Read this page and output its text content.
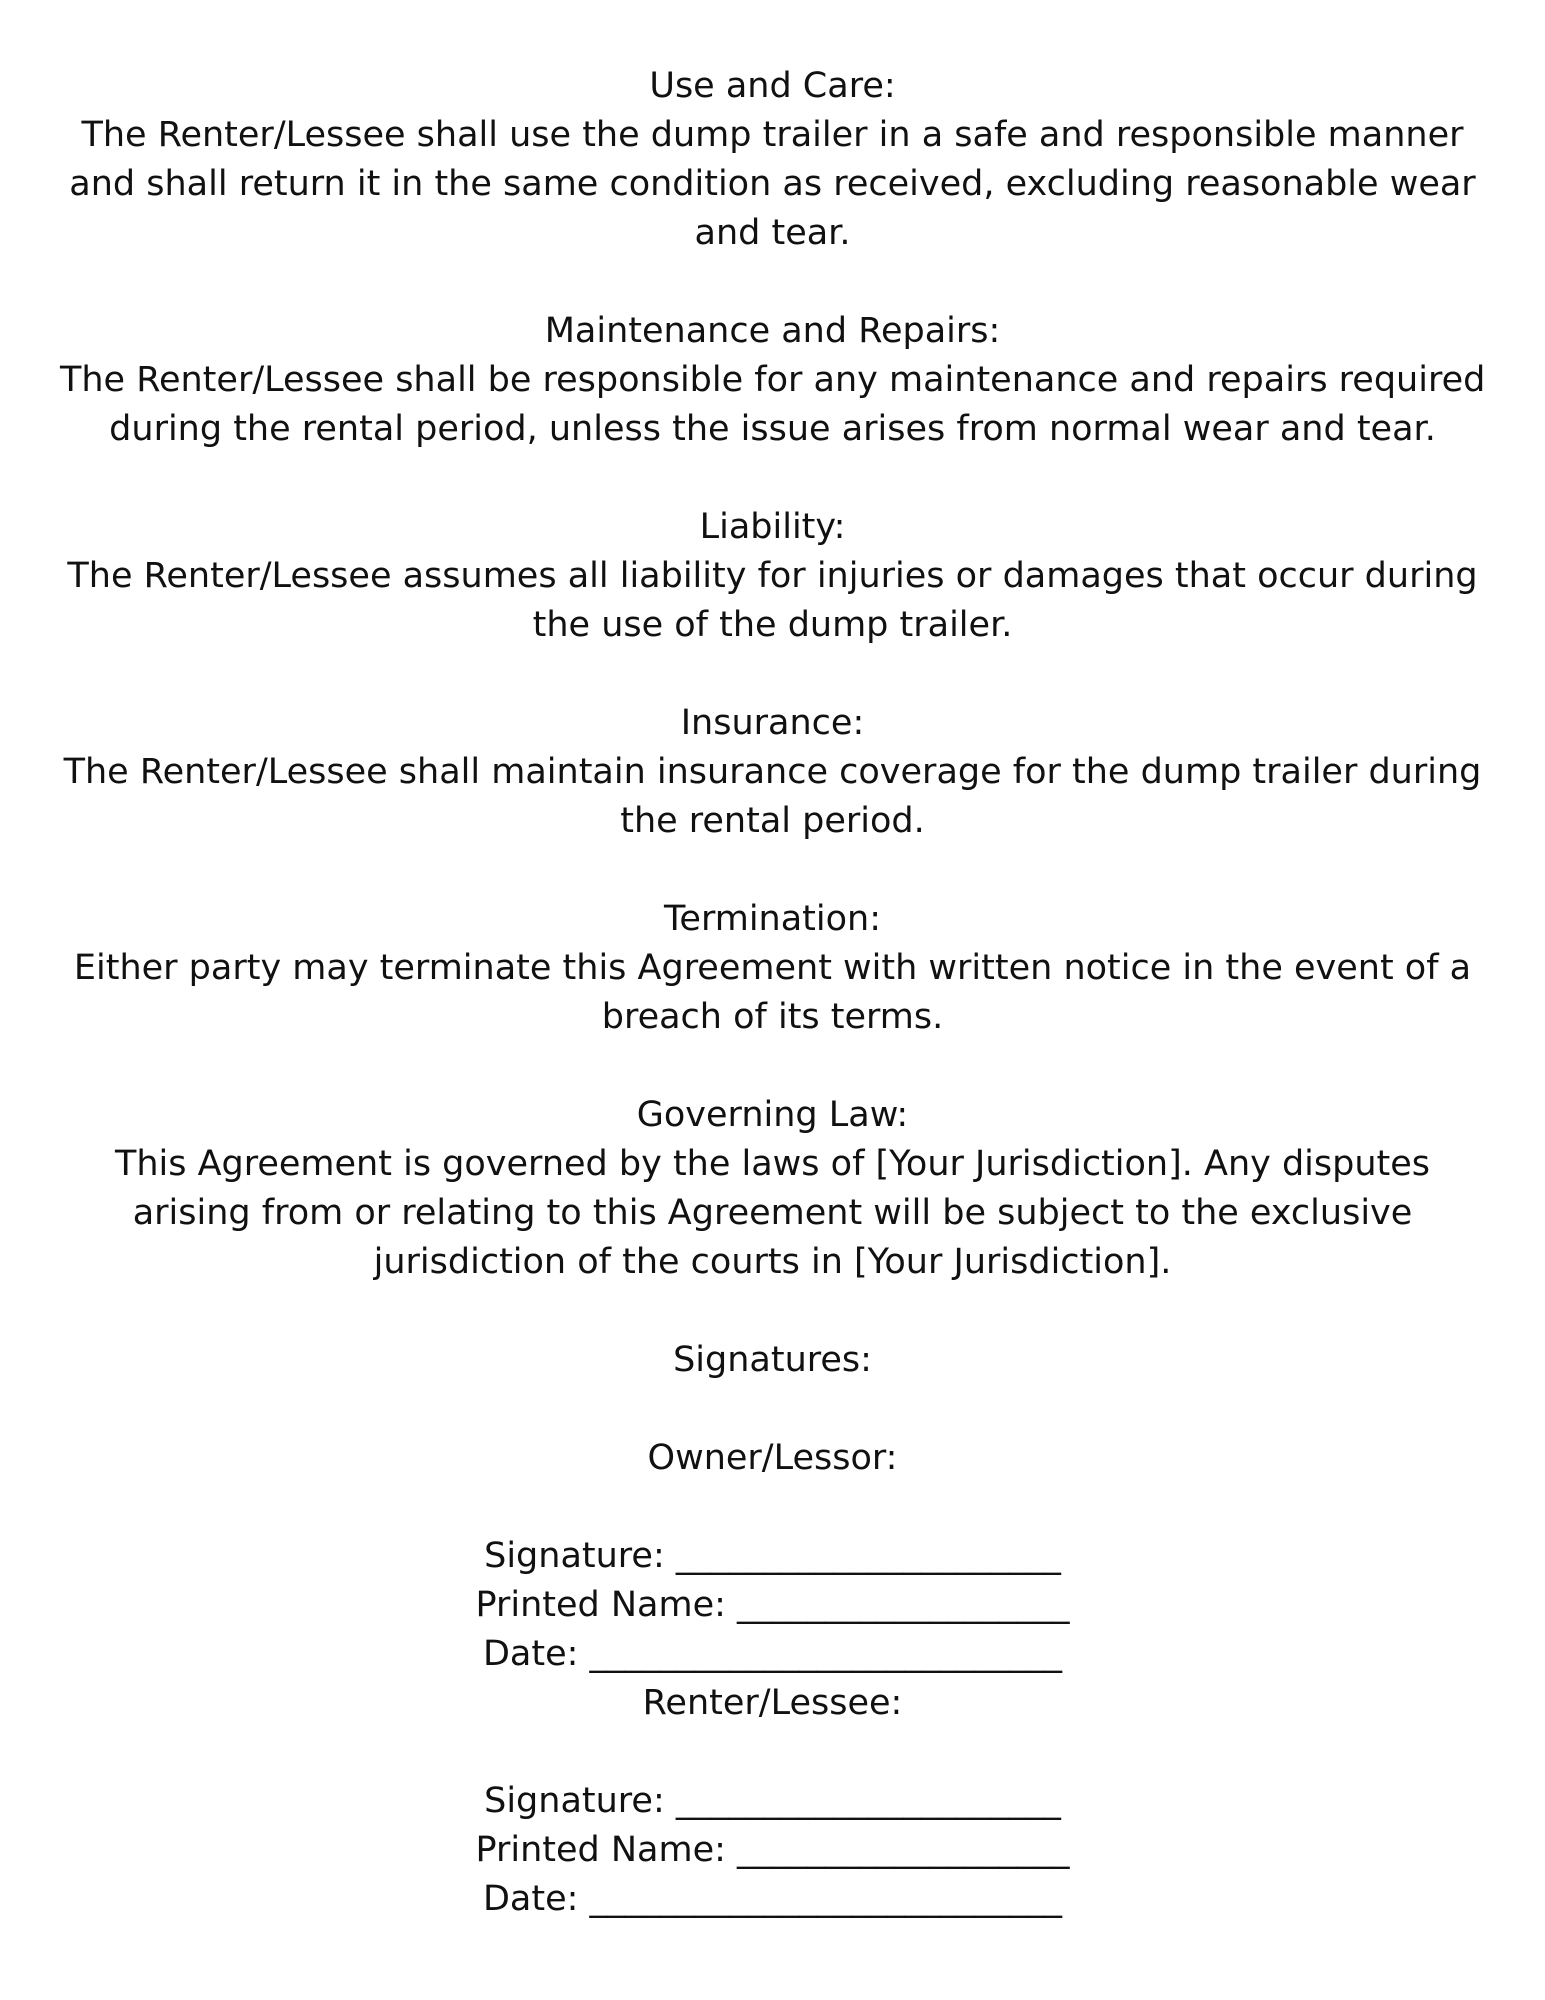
Use and Care:
The Renter/Lessee shall use the dump trailer in a safe and responsible manner
and shall return it in the same condition as received, excluding reasonable wear
and tear.
Maintenance and Repairs:
The Renter/Lessee shall be responsible for any maintenance and repairs required
during the rental period, unless the issue arises from normal wear and tear.
Liability:
The Renter/Lessee assumes all liability for injuries or damages that occur during
the use of the dump trailer.
Insurance:
The Renter/Lessee shall maintain insurance coverage for the dump trailer during
the rental period.
Termination:
Either party may terminate this Agreement with written notice in the event of a
breach of its terms.
Governing Law:
This Agreement is governed by the laws of [Your Jurisdiction]. Any disputes
arising from or relating to this Agreement will be subject to the exclusive
jurisdiction of the courts in [Your Jurisdiction].
Signatures:
Owner/Lessor:
Signature: ______________________
Printed Name: ___________________
Date: ___________________________
Renter/Lessee:
Signature: ______________________
Printed Name: ___________________
Date: ___________________________
